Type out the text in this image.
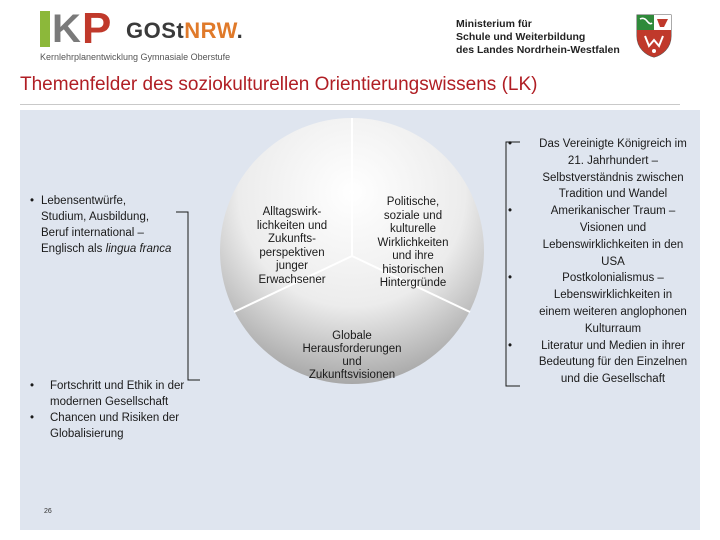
K P GOStNRW.
Kernlehrplanentwicklung Gymnasiale Oberstufe
Ministerium für
Schule und Weiterbildung
des Landes Nordrhein-Westfalen
Themenfelder des soziokulturellen Orientierungswissens (LK)
• Lebensentwürfe,
Studium, Ausbildung,
Beruf international –
Englisch als lingua franca
• Fortschritt und Ethik in der
modernen Gesellschaft
• Chancen und Risiken der
Globalisierung
Alltagswirk-
lichkeiten und
Zukunfts-
perspektiven
junger
Erwachsener
Politische,
soziale und
kulturelle
Wirklichkeiten
und ihre
historischen
Hintergründe
Globale
Herausforderungen
und
Zukunftsvisionen
• Das Vereinigte Königreich im
21. Jahrhundert –
Selbstverständnis zwischen
Tradition und Wandel
• Amerikanischer Traum –
Visionen und
Lebenswirklichkeiten in den
USA
• Postkolonialismus –
Lebenswirklichkeiten in
einem weiteren anglophonen
Kulturraum
• Literatur und Medien in ihrer
Bedeutung für den Einzelnen
und die Gesellschaft
26
